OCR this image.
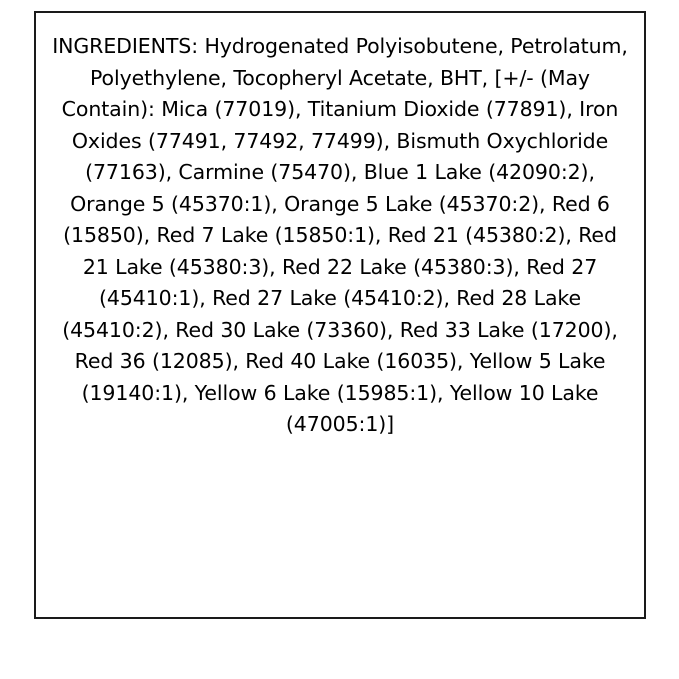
INGREDIENTS: Hydrogenated Polyisobutene, Petrolatum, Polyethylene, Tocopheryl Acetate, BHT, [+/- (May Contain): Mica (77019), Titanium Dioxide (77891), Iron Oxides (77491, 77492, 77499), Bismuth Oxychloride (77163), Carmine (75470), Blue 1 Lake (42090:2), Orange 5 (45370:1), Orange 5 Lake (45370:2), Red 6 (15850), Red 7 Lake (15850:1), Red 21 (45380:2), Red 21 Lake (45380:3), Red 22 Lake (45380:3), Red 27 (45410:1), Red 27 Lake (45410:2), Red 28 Lake (45410:2), Red 30 Lake (73360), Red 33 Lake (17200), Red 36 (12085), Red 40 Lake (16035), Yellow 5 Lake (19140:1), Yellow 6 Lake (15985:1), Yellow 10 Lake (47005:1)]
